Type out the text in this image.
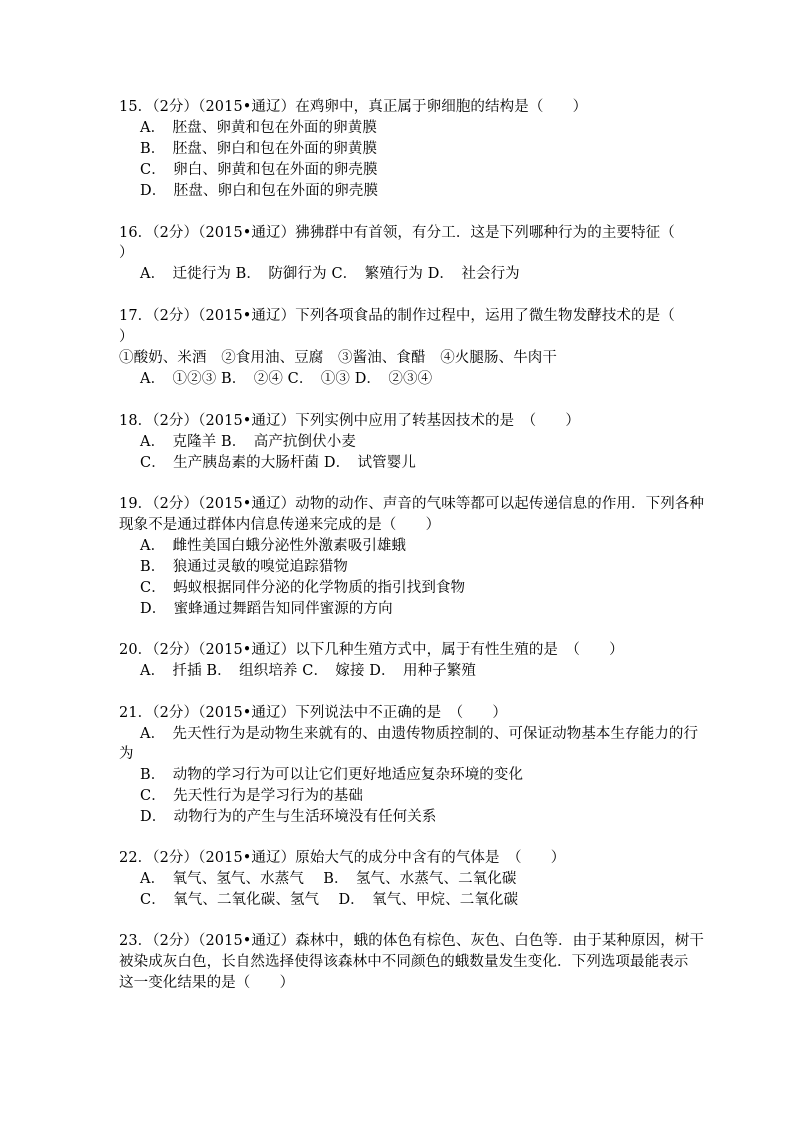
15．（2分）（2015•通辽）在鸡卵中，真正属于卵细胞的结构是（　　）
A．　胚盘、卵黄和包在外面的卵黄膜
B．　胚盘、卵白和包在外面的卵黄膜
C．　卵白、卵黄和包在外面的卵壳膜
D．　胚盘、卵白和包在外面的卵壳膜
16．（2分）（2015•通辽）狒狒群中有首领，有分工．这是下列哪种行为的主要特征（
）
A．　迁徙行为 B．　防御行为 C．　繁殖行为 D．　社会行为
17．（2分）（2015•通辽）下列各项食品的制作过程中，运用了微生物发酵技术的是（
）
①酸奶、米酒　②食用油、豆腐　③酱油、食醋　④火腿肠、牛肉干
A．　①②③ B．　②④ C．　①③ D．　②③④
18．（2分）（2015•通辽）下列实例中应用了转基因技术的是　（　　）
A．　克隆羊 B．　高产抗倒伏小麦
C．　生产胰岛素的大肠杆菌 D．　试管婴儿
19．（2分）（2015•通辽）动物的动作、声音的气味等都可以起传递信息的作用．下列各种
现象不是通过群体内信息传递来完成的是（　　）
A．　雌性美国白蛾分泌性外激素吸引雄蛾
B．　狼通过灵敏的嗅觉追踪猎物
C．　蚂蚁根据同伴分泌的化学物质的指引找到食物
D．　蜜蜂通过舞蹈告知同伴蜜源的方向
20．（2分）（2015•通辽）以下几种生殖方式中，属于有性生殖的是　（　　）
A．　扦插 B．　组织培养 C．　嫁接 D．　用种子繁殖
21．（2分）（2015•通辽）下列说法中不正确的是　（　　）
A．　先天性行为是动物生来就有的、由遗传物质控制的、可保证动物基本生存能力的行
为
B．　动物的学习行为可以让它们更好地适应复杂环境的变化
C．　先天性行为是学习行为的基础
D．　动物行为的产生与生活环境没有任何关系
22．（2分）（2015•通辽）原始大气的成分中含有的气体是　（　　）
A．　氧气、氢气、水蒸气　 B．　氢气、水蒸气、二氧化碳
C．　氧气、二氧化碳、氢气　 D．　氧气、甲烷、二氧化碳
23．（2分）（2015•通辽）森林中，蛾的体色有棕色、灰色、白色等．由于某种原因，树干
被染成灰白色，长自然选择使得该森林中不同颜色的蛾数量发生变化．下列选项最能表示
这一变化结果的是（　　）
